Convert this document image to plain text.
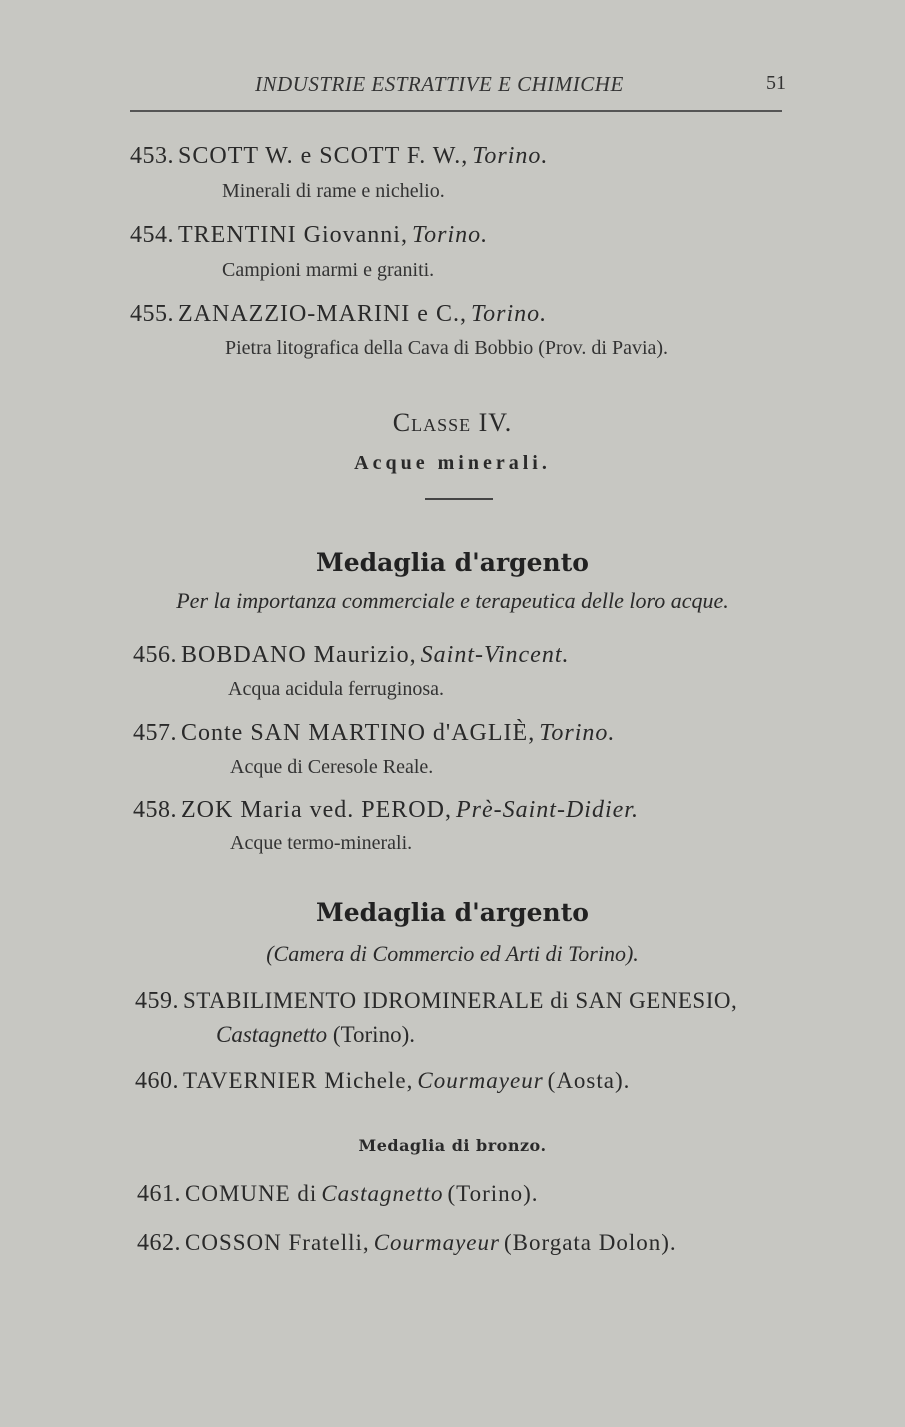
INDUSTRIE ESTRATTIVE E CHIMICHE	51
453. SCOTT W. e SCOTT F. W., Torino.
Minerali di rame e nichelio.
454. TRENTINI Giovanni, Torino.
Campioni marmi e graniti.
455. ZANAZZIO-MARINI e C., Torino.
Pietra litografica della Cava di Bobbio (Prov. di Pavia).
Classe IV.
Acque minerali.
Medaglia d'argento
Per la importanza commerciale e terapeutica delle loro acque.
456. BOBDANO Maurizio, Saint-Vincent.
Acqua acidula ferruginosa.
457. Conte SAN MARTINO d'AGLIÈ, Torino.
Acque di Ceresole Reale.
458. ZOK Maria ved. PEROD, Prè-Saint-Didier.
Acque termo-minerali.
Medaglia d'argento
(Camera di Commercio ed Arti di Torino).
459. STABILIMENTO IDROMINERALE di SAN GENESIO,
Castagnetto (Torino).
460. TAVERNIER Michele, Courmayeur (Aosta).
Medaglia di bronzo.
461. COMUNE di Castagnetto (Torino).
462. COSSON Fratelli, Courmayeur (Borgata Dolon).
